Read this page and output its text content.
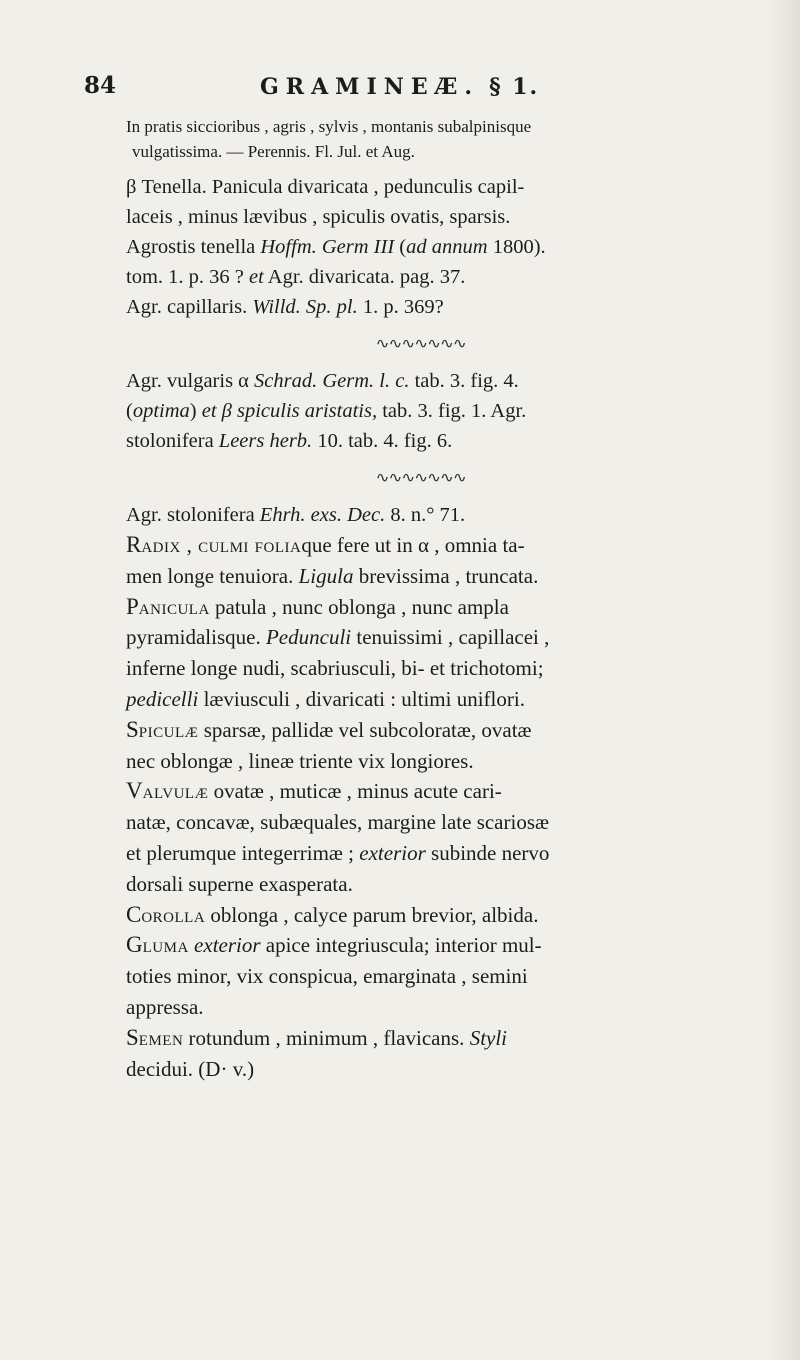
84	GRAMINEÆ. § 1.

In pratis siccioribus , agris , sylvis , montanis subalpinisque

vulgatissima. — Perennis. Fl. Jul. et Aug.

β Tenella. Panicula divaricata , pedunculis capil-

laceis , minus lævibus , spiculis ovatis, sparsis.

Agrostis tenella Hoffm. Germ III (ad annum 1800).

tom. 1. p. 36 ? et Agr. divaricata. pag. 37.

Agr. capillaris. Willd. Sp. pl. 1. p. 369?

∿∿∿∿∿∿∿

Agr. vulgaris α Schrad. Germ. l. c. tab. 3. fig. 4.

(optima) et β spiculis aristatis, tab. 3. fig. 1. Agr.

stolonifera Leers herb. 10. tab. 4. fig. 6.

∿∿∿∿∿∿∿

Agr. stolonifera Ehrh. exs. Dec. 8. n.° 71.

Radix , culmi foliaque fere ut in α , omnia ta-

men longe tenuiora. Ligula brevissima , truncata.

Panicula patula , nunc oblonga , nunc ampla

pyramidalisque. Pedunculi tenuissimi , capillacei ,

inferne longe nudi, scabriusculi, bi- et trichotomi;

pedicelli læviusculi , divaricati : ultimi uniflori.

Spiculæ sparsæ, pallidæ vel subcoloratæ, ovatæ

nec oblongæ , lineæ triente vix longiores.

Valvulæ ovatæ , muticæ , minus acute cari-

natæ, concavæ, subæquales, margine late scariosæ

et plerumque integerrimæ ; exterior subinde nervo

dorsali superne exasperata.

Corolla oblonga , calyce parum brevior, albida.

Gluma exterior apice integriuscula; interior mul-

toties minor, vix conspicua, emarginata , semini

appressa.

Semen rotundum , minimum , flavicans. Styli

decidui. (D· v.)
